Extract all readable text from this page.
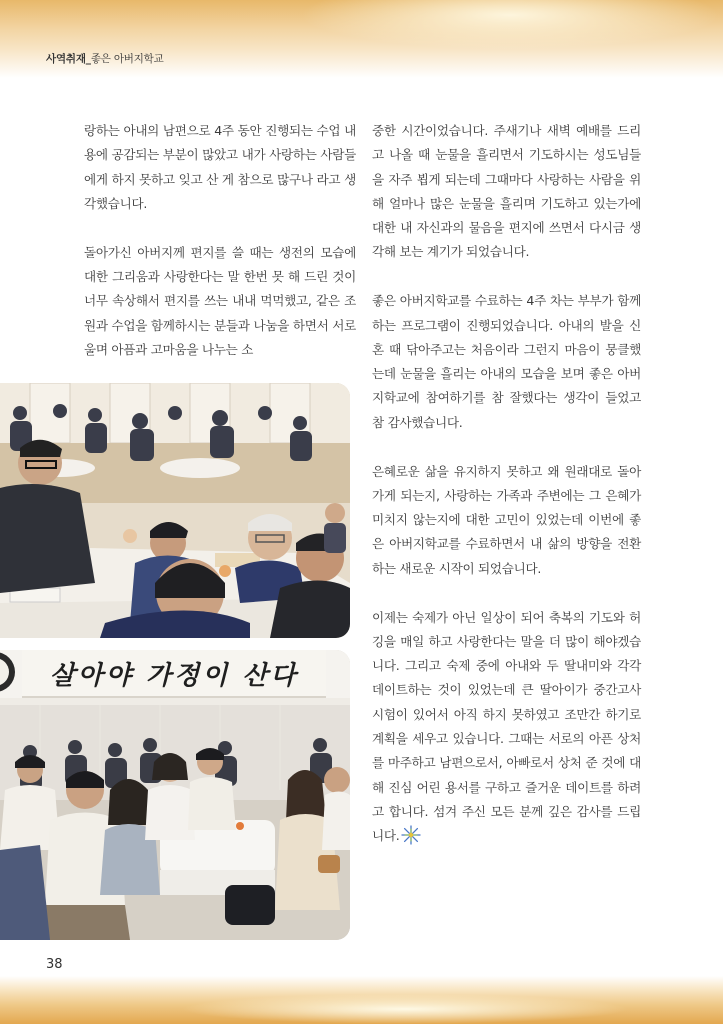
사역취재_좋은 아버지학교

랑하는 아내의 남편으로 4주 동안 진행되는 수업 내용에 공감되는 부분이 많았고 내가 사랑하는 사람들에게 하지 못하고 잊고 산 게 참으로 많구나 라고 생각했습니다.

돌아가신 아버지께 편지를 쓸 때는 생전의 모습에 대한 그리움과 사랑한다는 말 한번 못 해 드린 것이 너무 속상해서 편지를 쓰는 내내 먹먹했고, 같은 조원과 수업을 함께하시는 분들과 나눔을 하면서 서로 울며 아픔과 고마움을 나누는 소

중한 시간이었습니다. 주새기나 새벽 예배를 드리고 나올 때 눈물을 흘리면서 기도하시는 성도님들을 자주 뵙게 되는데 그때마다 사랑하는 사람을 위해 얼마나 많은 눈물을 흘리며 기도하고 있는가에 대한 내 자신과의 물음을 편지에 쓰면서 다시금 생각해 보는 계기가 되었습니다.

좋은 아버지학교를 수료하는 4주 차는 부부가 함께하는 프로그램이 진행되었습니다. 아내의 발을 신혼 때 닦아주고는 처음이라 그런지 마음이 뭉클했는데 눈물을 흘리는 아내의 모습을 보며 좋은 아버지학교에 참여하기를 참 잘했다는 생각이 들었고 참 감사했습니다.

은혜로운 삶을 유지하지 못하고 왜 원래대로 돌아가게 되는지, 사랑하는 가족과 주변에는 그 은혜가 미치지 않는지에 대한 고민이 있었는데 이번에 좋은 아버지학교를 수료하면서 내 삶의 방향을 전환하는 새로운 시작이 되었습니다.

이제는 숙제가 아닌 일상이 되어 축복의 기도와 허깅을 매일 하고 사랑한다는 말을 더 많이 해야겠습니다. 그리고 숙제 중에 아내와 두 딸내미와 각각 데이트하는 것이 있었는데 큰 딸아이가 중간고사 시험이 있어서 아직 하지 못하였고 조만간 하기로 계획을 세우고 있습니다. 그때는 서로의 아픈 상처를 마주하고 남편으로서, 아빠로서 상처 준 것에 대해 진심 어린 용서를 구하고 즐거운 데이트를 하려고 합니다. 섬겨 주신 모든 분께 깊은 감사를 드립니다.

살아야 가정이 산다
38
